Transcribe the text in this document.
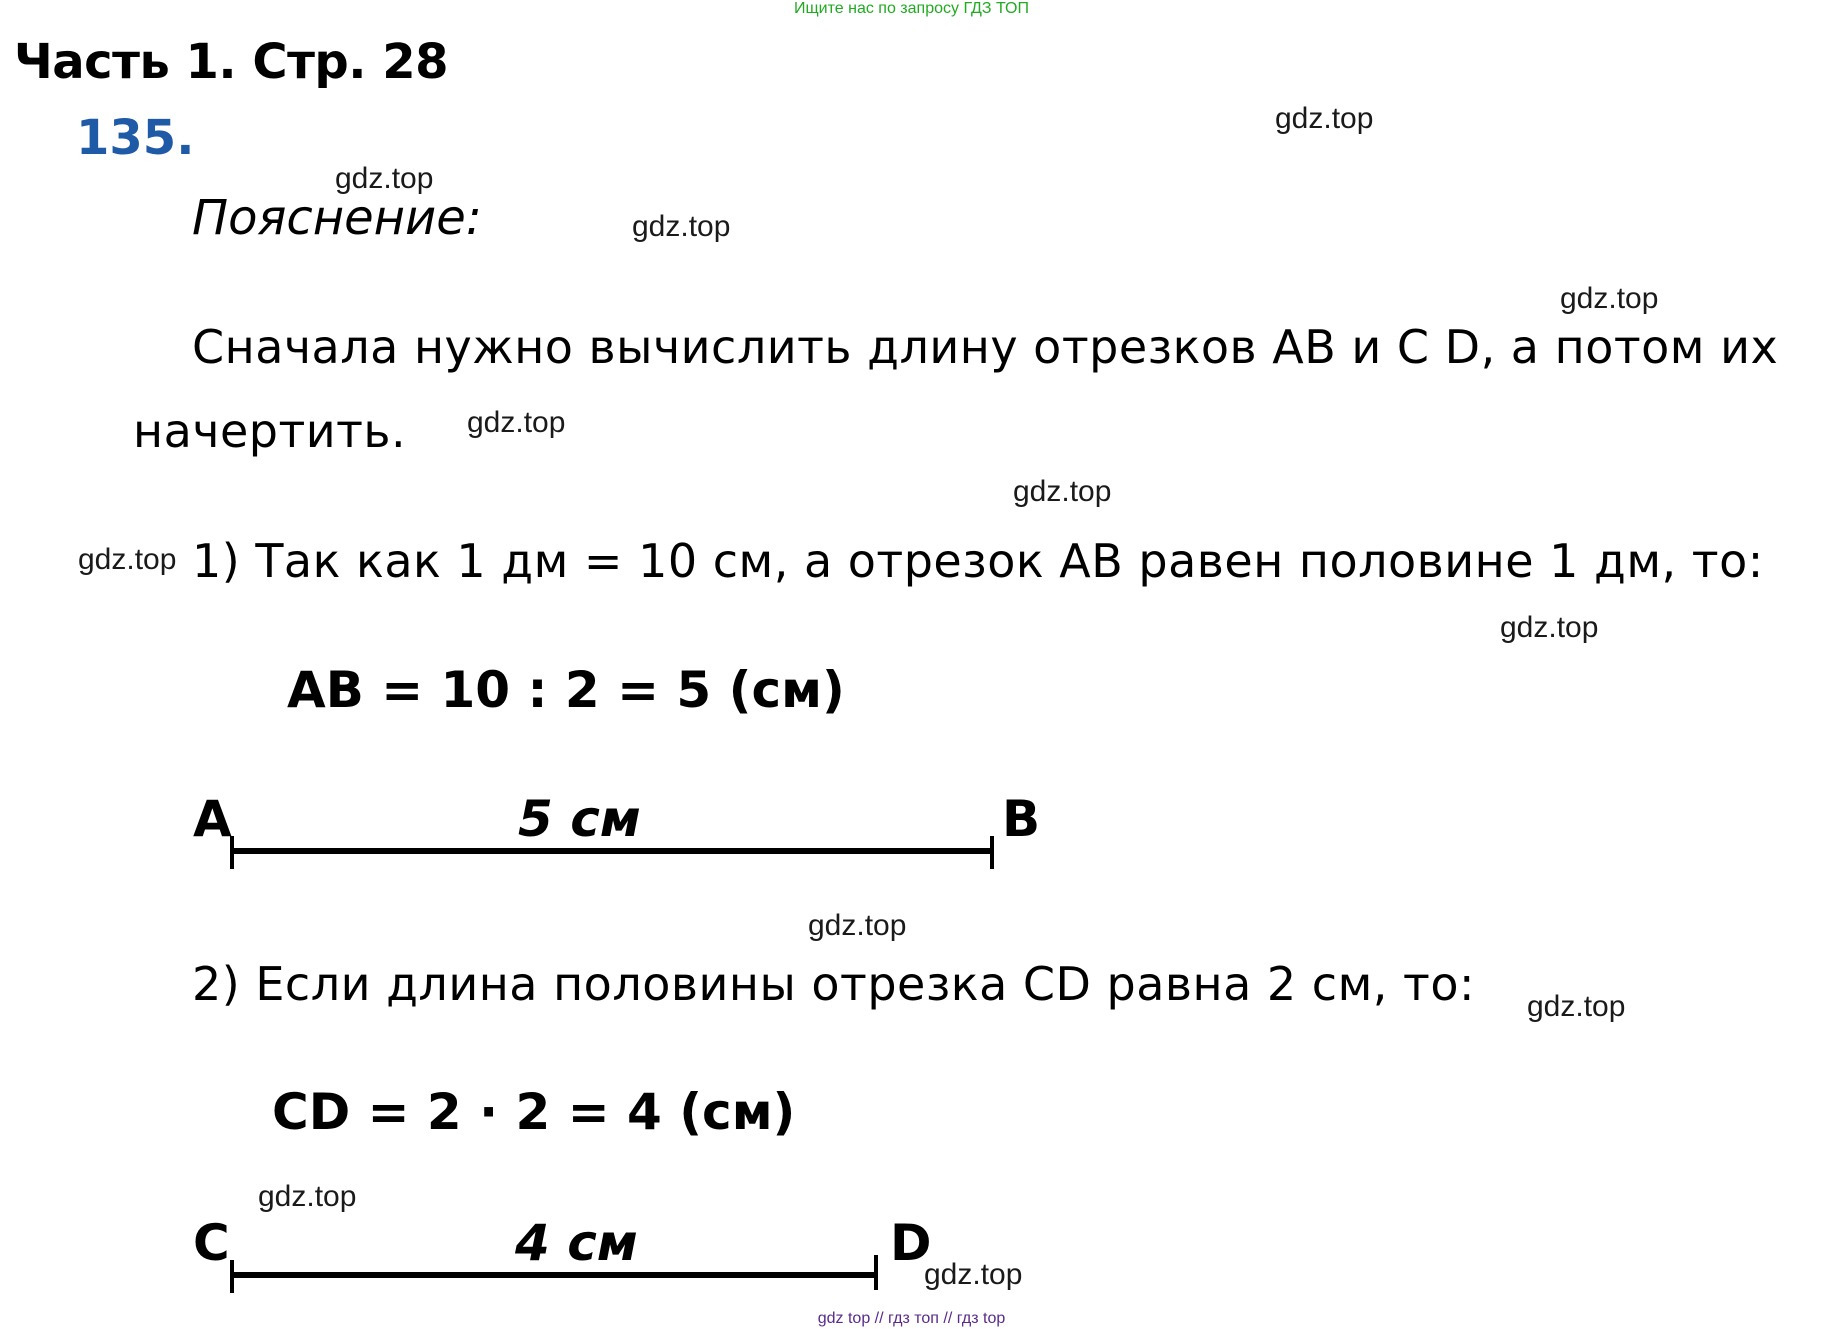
Ищите нас по запросу ГДЗ ТОП
Часть 1. Стр. 28
135.
Пояснение:
Сначала нужно вычислить длину отрезков AB и C D, а потом их
начертить.
1) Так как 1 дм = 10 см, а отрезок AB равен половине 1 дм, то:
AB = 10 : 2 = 5 (см)
A	5 см	B
2) Если длина половины отрезка CD равна 2 см, то:
CD = 2 · 2 = 4 (см)
C	4 см	D
gdz.top
gdz.top
gdz.top
gdz.top
gdz.top
gdz.top
gdz.top
gdz.top
gdz.top
gdz.top
gdz.top
gdz.top
gdz top // гдз топ // гдз top
